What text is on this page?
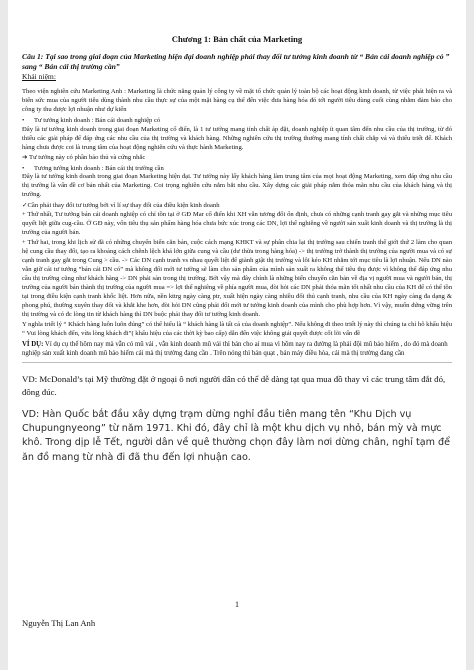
Chương 1: Bản chất của Marketing
Câu 1: Tại sao trong giai đoạn của Marketing hiện đại doanh nghiệp phải thay đổi tư tưởng kinh doanh từ “ Bán cái doanh nghiệp có ” sang “ Bán cái thị trường cần”
Khái niệm:
Theo viện nghiên cứu Marketing Anh : Marketing là chức năng quản lý công ty về mặt tổ chức quản lý toàn bộ các hoạt động kinh doanh, từ việc phát hiện ra và biến sức mua của người tiêu dùng thành nhu cầu thực sự của một mặt hàng cụ thể đến việc đưa hàng hóa đó tới người tiêu dùng cuối cùng nhằm đảm bảo cho công ty thu được lợi nhuận như dự kiến
• Tư tưởng kinh doanh : Bán cái doanh nghiệp có
Đây là tư tưởng kinh doanh trong giai đoạn Marketing cổ điển, là 1 tư tưởng mang tính chất áp đặt, doanh nghiệp ít quan tâm đến nhu cầu của thị trường, từ đó thiếu các giải pháp để đáp ứng các nhu cầu của thị trường và khách hàng. Những nghiên cứu thị trường thường mang tính chất chắp vá và thiếu triết để. Khách hàng chưa được coi là trung tâm của hoạt động nghiên cứu và thực hành Marketing.
➔ Tư tưởng này có phần bảo thủ và cứng nhắc
• Tương tưởng kinh doanh : Bán cái thị trường cần
Đây là tư tưởng kinh doanh trong giai đoạn Marketing hiện đại. Tư tưởng này lấy khách hàng làm trung tâm của mọi hoạt động Marketing, xem đáp ứng nhu cầu thị trường là vấn đề cơ bản nhất của Marketing. Coi trọng nghiên cứu nắm bắt nhu cầu. Xây dựng các giải pháp nắm thỏa mãn nhu cầu của khách hàng và thị trường.
✓Cần phải thay đổi tư tưởng bởi vì lí sự thay đổi của điều kiện kinh doanh
+ Thứ nhất, Tư tưởng bán cái doanh nghiệp có chỉ tồn tại ở GĐ Mar cổ điển khi XH vẫn tương đối ổn định, chưa có những cạnh tranh gay gắt và những mục tiêu quyết liệt giữa cug-cầu. Ở GĐ này, vốn tiêu thụ sản phẩm hàng hóa chưa bức xúc trong các DN, lợi thế nghiêng về người sản xuất kinh doanh và thị trường là thị trường của người bán.
+ Thứ hai, trong khi lịch sử đã có những chuyển biến căn bản, cuộc cách mạng KHKT và sự phân chia lại thị trường sau chiến tranh thế giới thứ 2 làm cho quan hệ cung cầu thay đổi, tạo ra khoảng cách chênh lệch khá lớn giữa cung và cầu (dư thừa trong hàng hóa) -> thị trường trở thành thị trường của người mua và có sự cạnh tranh gay gắt trong Cung > cầu. -> Các DN cạnh tranh vs nhau quyết liệt để giành giật thị trường và lôi kéo KH nhằm tới mục tiêu là lợi nhuận. Nếu DN nào vẫn giữ cái tư tưởng “bán cái DN có” mà không đổi mới tư tưởng sẽ làm cho sản phẩm của mình sản xuất ra không thể tiêu thụ được vì không thể đáp ứng nhu cầu thị trường cũng như khách hàng -> DN phải sản trong thị trường. Bởi vậy mà đây chính là những biến chuyển căn bản về địa vị người mua và người bán, thị trường của người bán thành thị trường của người mua => lợi thế nghiêng về phía người mua, đòi hỏi các DN phải thỏa mãn tốt nhất nhu cầu của KH để có thể tồn tại trong điều kiện cạnh tranh khốc liệt. Hơn nữa, nền kttrg ngày càng ptr, xuất hiện ngày càng nhiều đối thủ cạnh tranh, nhu cầu của KH ngày càng đa dạng & phong phú, thường xuyên thay đổi và khắt khe hơn, đòi hỏi DN cũng phải đổi mới tư tưởng kinh doanh của mình cho phù hợp hơn. Vì vậy, muốn đứng vững trên thị trường và có đc lòng tin từ khách hàng thì DN buộc phải thay đổi tư tưởng kinh doanh.
Y nghĩa triết lý “ Khách hàng luôn luôn đúng” có thể hiểu là “ khách hàng là tất cả của doanh nghiệp”. Nếu không đi theo triết lý này thì chúng ta chỉ hô khẩu hiệu “ Vui lòng khách đến, vừa lòng khách đi”( khẩu hiệu của các thời kỳ bao cấp) dẫn đến việc không giải quyết được cốt lõi vấn đề
VÍ DỤ: Ví dụ cụ thể hôm nay mà vẫn có mũ vải , vẫn kinh doanh mũ vải thì bán cho ai mua vì hôm nay ra đường là phải đội mũ bảo hiểm , do đó mà doanh nghiệp sản xuất kinh doanh mũ bảo hiểm cái mà thị trường đang cần . Trên nóng thì bán quạt , bán máy điều hòa, cái mà thị trường đang cần
VD: McDonald’s tại Mỹ thường đặt ở ngoại ô nơi người dân có thể dễ dàng tạt qua mua đồ thay vì các trung tâm đắt đỏ, đông đúc.
VD: Hàn Quốc bắt đầu xây dựng trạm dừng nghỉ đầu tiên mang tên “Khu Dịch vụ Chupungnyeong” từ năm 1971. Khi đó, đây chỉ là một khu dịch vụ nhỏ, bán mỳ và mực khô. Trong dịp lễ Tết, người dân về quê thường chọn đây làm nơi dừng chân, nghỉ tạm để ăn đồ mang từ nhà đi đã thu đến lợi nhuận cao.
1
Nguyễn Thị Lan Anh
